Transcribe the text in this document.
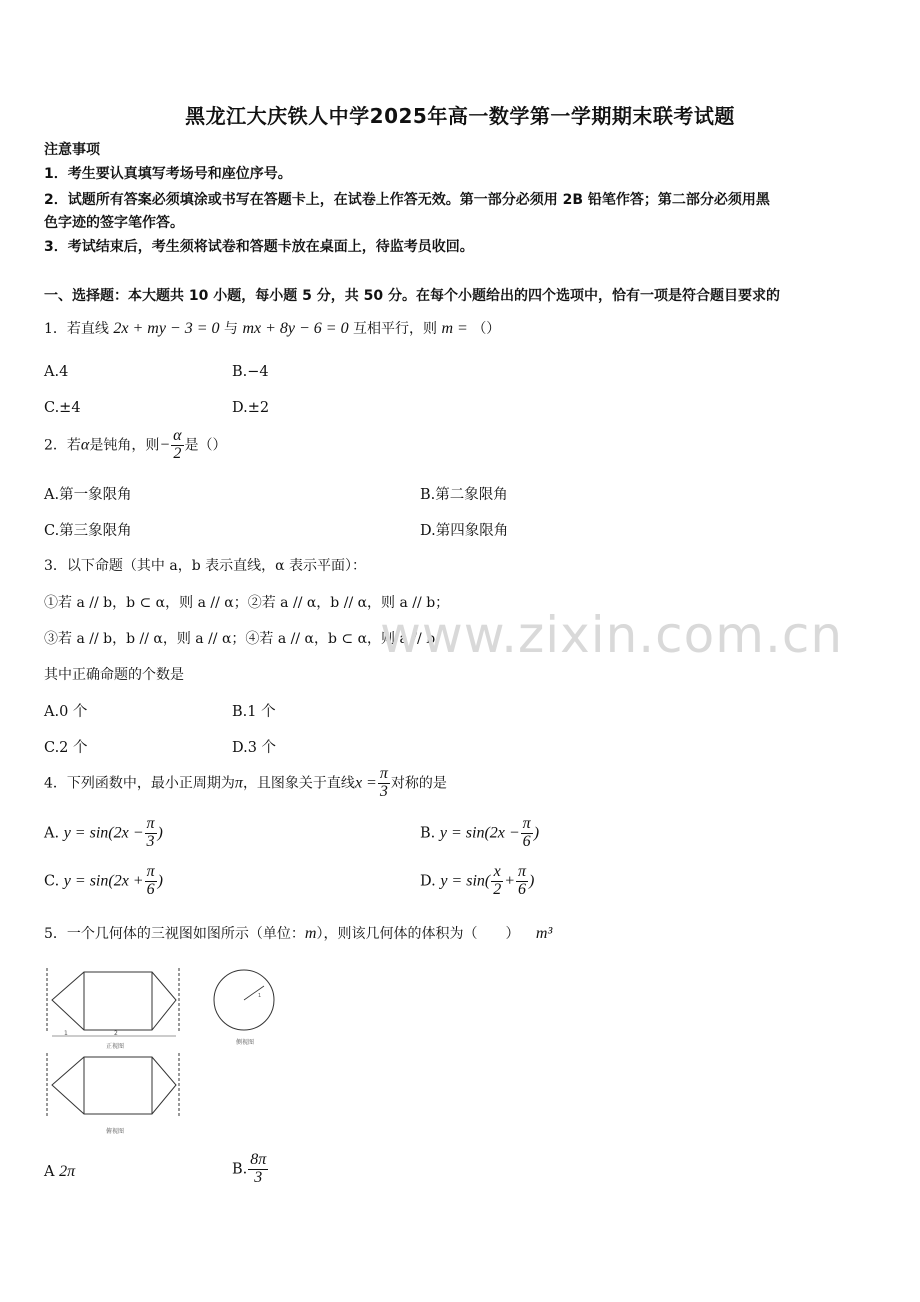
黑龙江大庆铁人中学2025年高一数学第一学期期末联考试题
注意事项
1．考生要认真填写考场号和座位序号。
2．试题所有答案必须填涂或书写在答题卡上，在试卷上作答无效。第一部分必须用 2B 铅笔作答；第二部分必须用黑
色字迹的签字笔作答。
3．考试结束后，考生须将试卷和答题卡放在桌面上，待监考员收回。
一、选择题：本大题共 10 小题，每小题 5 分，共 50 分。在每个小题给出的四个选项中，恰有一项是符合题目要求的
1．若直线 2x + my − 3 = 0 与 mx + 8y − 6 = 0 互相平行，则 m = （）
A.4	B.−4
C.±4	D.±2
2．若α是钝角，则− $\frac{\alpha}{2}$ 是（）
A.第一象限角	B.第二象限角
C.第三象限角	D.第四象限角
3．以下命题（其中 a，b 表示直线，α 表示平面）：
①若 a // b，b ⊂ α，则 a // α；②若 a // α，b // α，则 a // b；
③若 a // b，b // α，则 a // α；④若 a // α，b ⊂ α，则 a // b
其中正确命题的个数是
A.0 个	B.1 个
C.2 个	D.3 个
www.zixin.com.cn
4．下列函数中，最小正周期为π，且图象关于直线$x = \frac{\pi}{3}$ 对称的是
A. $y = \sin(2x - \frac{\pi}{3}$ )	B. $y = \sin(2x - \frac{\pi}{6}$ )
C. $y = \sin(2x + \frac{\pi}{6}$ )	D. $y = \sin( \frac{x}{2} + \frac{\pi}{6}$ )
5．一个几何体的三视图如图所示（单位：m），则该几何体的体积为（　　） m³
2
1
正视图
1
侧视图
俯视图
A 2π	B. $\frac{8\pi}{3}$
